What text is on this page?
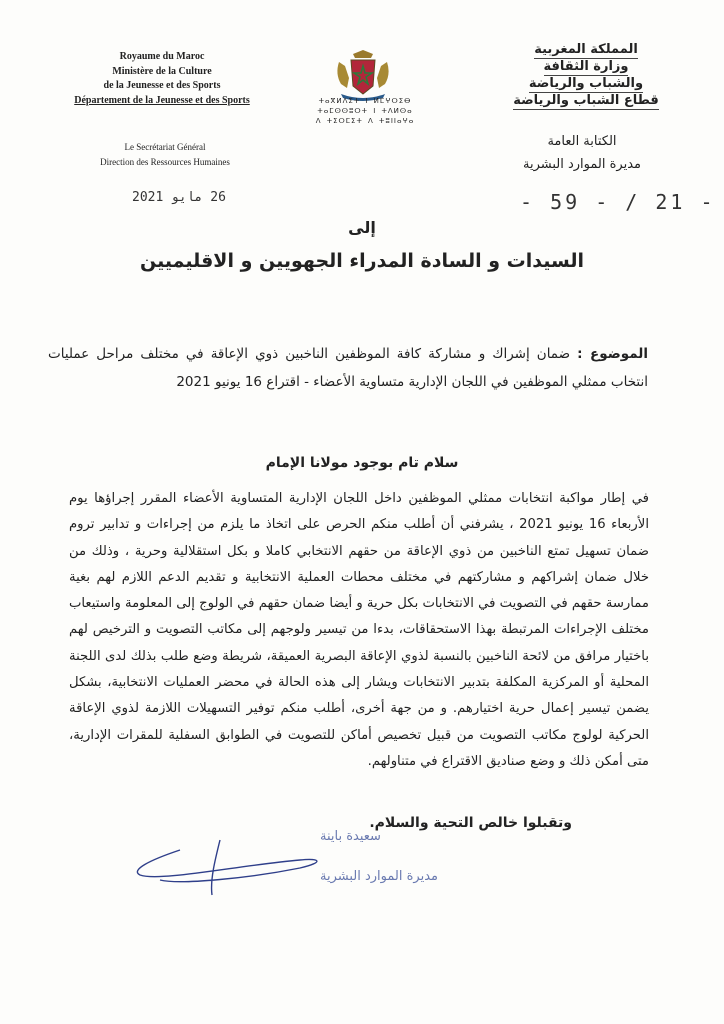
Royaume du Maroc
Ministère de la Culture
de la Jeunesse et des Sports
Département de la Jeunesse et des Sports
Le Secrétariat Général
Direction des Ressources Humaines
ⵜⴰⴳⵍⴷⵉⵜ ⵏ ⵍⵎⵖⵔⵉⴱ
ⵜⴰⵎⵙⵙⵓⵔⵜ ⵏ ⵜⴷⵍⵙⴰ
ⴷ ⵜⵉⵔⵎⵉⵜ ⴷ ⵜⵓⵏⵏⴰⵖⴰ
المملكة المغربية
وزارة الثقافة
والشباب والرياضة
قطاع الشباب والرياضة
الكتابة العامة
مديرة الموارد البشرية
26 مايو 2021	- 59 - / 21 -
إلى
السيدات و السادة المدراء الجهويين و الاقليميين
الموضوع : ضمان إشراك و مشاركة كافة الموظفين الناخبين ذوي الإعاقة في مختلف مراحل عمليات انتخاب ممثلي الموظفين في اللجان الإدارية متساوية الأعضاء - اقتراع 16 يونيو 2021
سلام تام بوجود مولانا الإمام
في إطار مواكبة انتخابات ممثلي الموظفين داخل اللجان الإدارية المتساوية الأعضاء المقرر إجراؤها يوم الأربعاء 16 يونيو 2021 ، يشرفني أن أطلب منكم الحرص على اتخاذ ما يلزم من إجراءات و تدابير تروم ضمان تسهيل تمتع الناخبين من ذوي الإعاقة من حقهم الانتخابي كاملا و بكل استقلالية وحرية ، وذلك من خلال ضمان إشراكهم و مشاركتهم في مختلف محطات العملية الانتخابية و تقديم الدعم اللازم لهم بغية ممارسة حقهم في التصويت في الانتخابات بكل حرية و أيضا ضمان حقهم في الولوج إلى المعلومة واستيعاب مختلف الإجراءات المرتبطة بهذا الاستحقاقات، بدءا من تيسير ولوجهم إلى مكاتب التصويت و الترخيص لهم باختيار مرافق من لائحة الناخبين بالنسبة لذوي الإعاقة البصرية العميقة، شريطة وضع طلب بذلك لدى اللجنة المحلية أو المركزية المكلفة بتدبير الانتخابات ويشار إلى هذه الحالة في محضر العمليات الانتخابية، بشكل يضمن تيسير إعمال حرية اختيارهم. و من جهة أخرى، أطلب منكم توفير التسهيلات اللازمة لذوي الإعاقة الحركية لولوج مكاتب التصويت من قبيل تخصيص أماكن للتصويت في الطوابق السفلية للمقرات الإدارية، متى أمكن ذلك و وضع صناديق الاقتراع في متناولهم.
وتقبلوا خالص التحية والسلام.
سعيدة باينة
مديرة الموارد البشرية
